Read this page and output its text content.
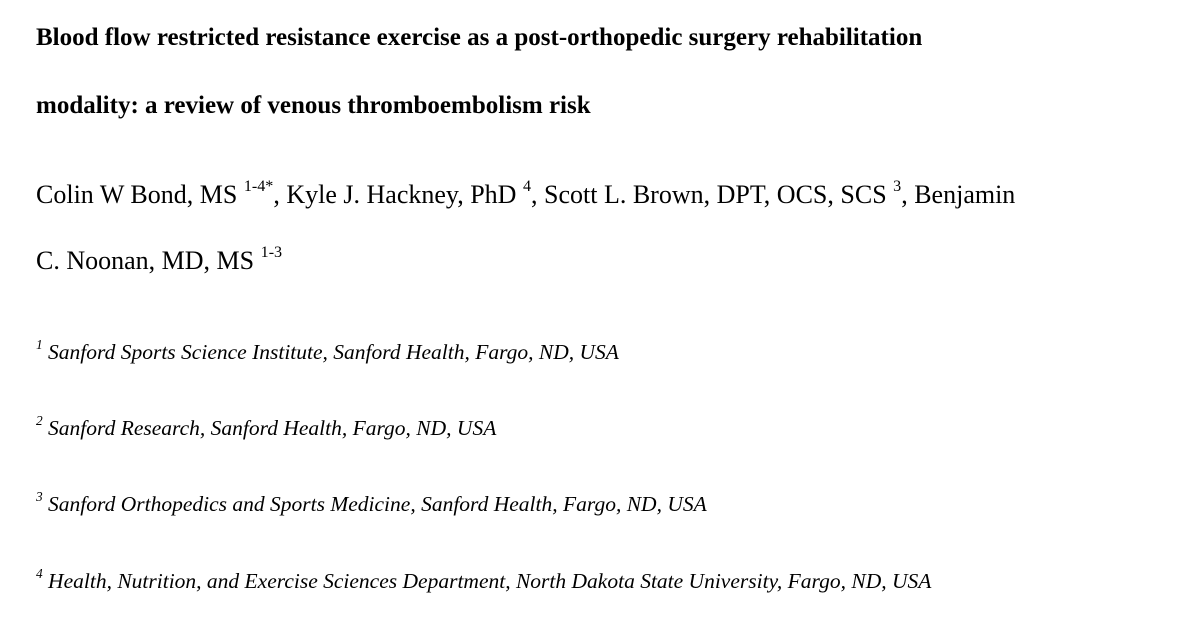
Blood flow restricted resistance exercise as a post-orthopedic surgery rehabilitation
modality: a review of venous thromboembolism risk
Colin W Bond, MS $^{1-4*}$, Kyle J. Hackney, PhD $^4$, Scott L. Brown, DPT, OCS, SCS $^3$, Benjamin
C. Noonan, MD, MS $^{1-3}$
$^1$ Sanford Sports Science Institute, Sanford Health, Fargo, ND, USA
$^2$ Sanford Research, Sanford Health, Fargo, ND, USA
$^3$ Sanford Orthopedics and Sports Medicine, Sanford Health, Fargo, ND, USA
$^4$ Health, Nutrition, and Exercise Sciences Department, North Dakota State University, Fargo, ND, USA
